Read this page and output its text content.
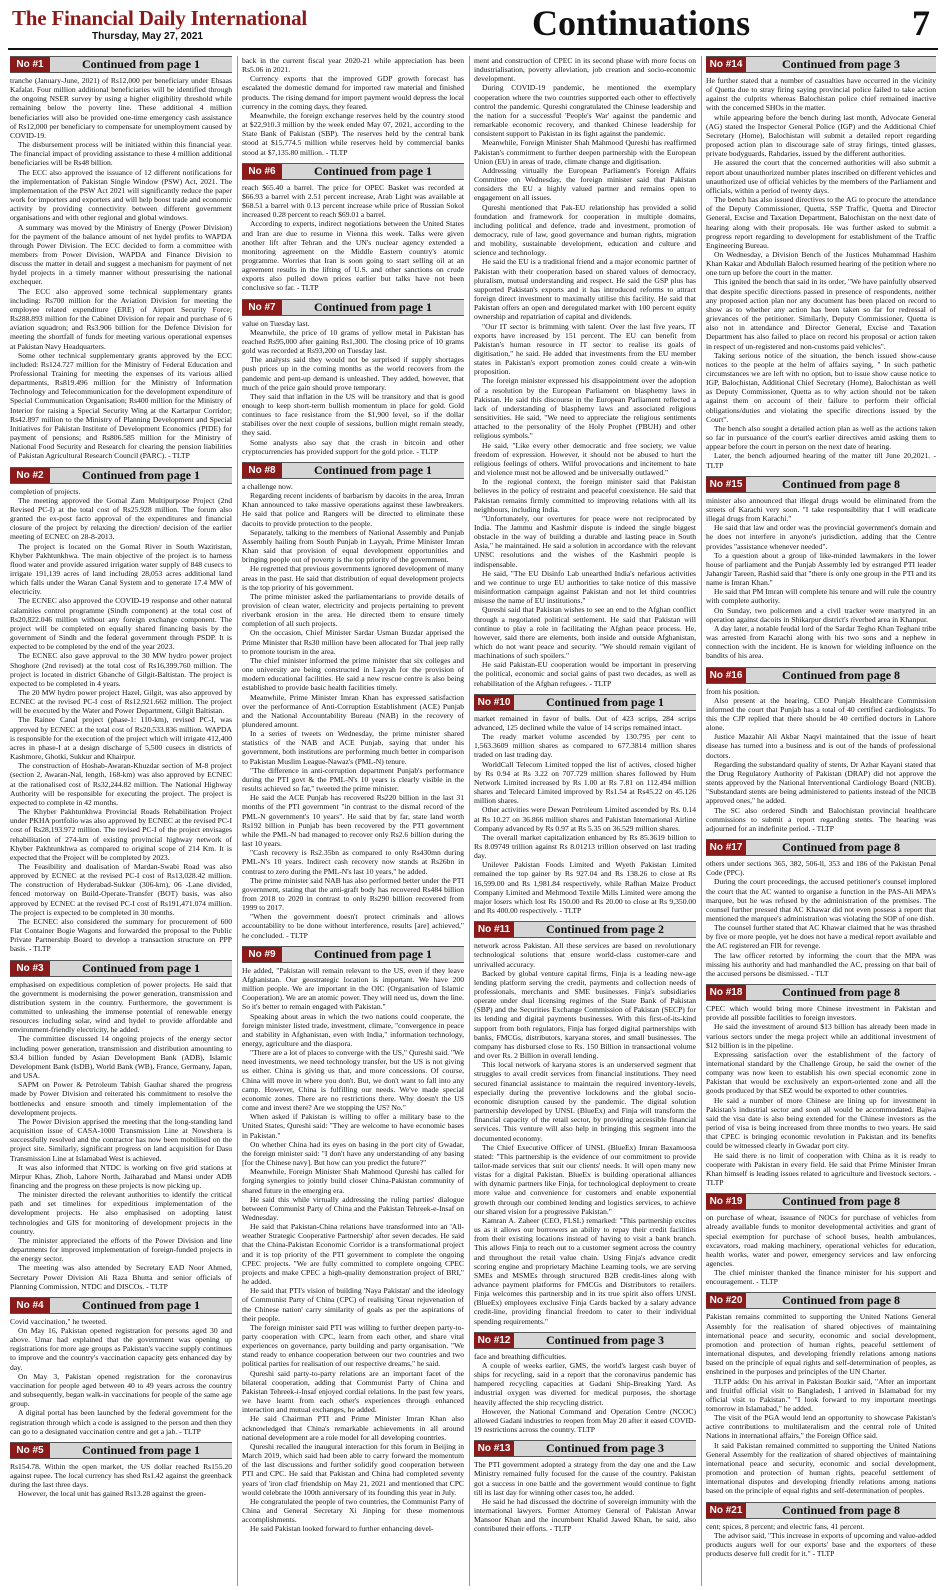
The Financial Daily International
Thursday, May 27, 2021	Continuations	7
No #1	Continued from page 1

tranche (January-June, 2021) of Rs12,000 per beneficiary under Ehsaas Kafalat. Four million additional beneficiaries will be identified through the ongoing NSER survey by using a higher eligibility threshold while remaining below the poverty line. These additional 4 million beneficiaries will also be provided one-time emergency cash assistance of Rs12,000 per beneficiary to compensate for unemployment caused by COVID-19.

The disbursement process will be initiated within this financial year. The financial impact of providing assistance to these 4 million additional beneficiaries will be Rs48 billion.

The ECC also approved the issuance of 12 different notifications for the implementation of Pakistan Single Window (PSW) Act, 2021. The implementation of the PSW Act 2021 will significantly reduce the paper work for importers and exporters and will help boost trade and economic activity by providing connectivity between different government organisations and with other regional and global windows.

A summary was moved by the Ministry of Energy (Power Division) for the payment of the balance amount of net hydel profits to WAPDA through Power Division. The ECC decided to form a committee with members from Power Division, WAPDA and Finance Division to discuss the matter in detail and suggest a mechanism for payment of net hydel projects in a timely manner without pressurising the national exchequer.

The ECC also approved some technical supplementary grants including: Rs700 million for the Aviation Division for meeting the employee related expenditure (ERE) of Airport Security Force; Rs288.893 million for the Cabinet Division for repair and purchase of 6 aviation squadron; and Rs3.906 billion for the Defence Division for meeting the shortfall of funds for meeting various operational expenses at Pakistan Navy Headquarters.

Some other technical supplementary grants approved by the ECC included: Rs124.727 million for the Ministry of Federal Education and Professional Training for meeting the expenses of its various allied departments, Rs819.496 million for the Ministry of Information Technology and Telecommunication for the development expenditure of Special Communication Organisation; Rs400 million for the Ministry of Interior for raising a Special Security Wing at the Kartarpur Corridor; Rs42.897 million to the Ministry of Planning Development and Special Initiatives for Pakistan Institute of Development Economics (PIDE) for payment of pensions; and Rs806.585 million for the Ministry of National Food Security and Research for clearing the pension liabilities of Pakistan Agricultural Research Council (PARC). - TLTP

No #2	Continued from page 1

completion of projects.

The meeting approved the Gomal Zam Multipurpose Project (2nd Revised PC-I) at the total cost of Rs25.928 million. The forum also granted the ex-post facto approval of the expenditures and financial closure of the project by relaxing the direction/ decision of the earlier meeting of ECNEC on 28-8-2013.

The project is located on the Gomal River in South Waziristan, Khyber Pakhtunkhwa. The main objective of the project is to harness flood water and provide assured irrigation water supply of 848 cusecs to irrigate 191,139 acres of land including 28,053 acres additional land which falls under the Waran Canal System and to generate 17.4 MW of electricity.

The ECNEC also approved the COVID-19 response and other natural calamities control programme (Sindh component) at the total cost of Rs20,822.046 million without any foreign exchange component. The project will be completed on equally shared financing basis by the government of Sindh and the federal government through PSDP. It is expected to be completed by the end of the year 2023.

The ECNEC also gave approval to the 30 MW hydro power project Shoghore (2nd revised) at the total cost of Rs16,399.760 million. The project is located in district Ghanche of Gilgit-Baltistan. The project is expected to be completed in 4 years.

The 20 MW hydro power project Hazel, Gilgit, was also approved by ECNEC at the revised PC-I cost of Rs12,921.662 million. The project will be executed by the Water and Power Department, Gilgit Baltistan.

The Rainee Canal project (phase-1: 110-km), revised PC-I, was approved by ECNEC at the total cost of Rs20,533.836 million. WAPDA is responsible for the execution of the project which will irrigate 412,400 acres in phase-I at a design discharge of 5,500 cusecs in districts of Kashmore, Ghotki, Sukkur and Khairpur.

The construction of Hoshab-Awaran-Khuzdar section of M-8 project (section 2, Awaran-Nal, length, 168-km) was also approved by ECNEC at the rationalised cost of Rs32,244.82 million. The National Highway Authority will be responsible for executing the project. The project is expected to complete in 42 months.

The Khyber Pakhtunkhwa Provincial Roads Rehabilitation Project under PKHA portfolio was also approved by ECNEC at the revised PC-I cost of Rs28,193.972 million. The revised PC-I of the project envisages rehabilitation of 274-km of existing provincial highway network of Khyber Pakhtunkhwa as compared to original scope of 214 Km. It is expected that the Project will be completed by 2023.

The Feasibility and dualisation of Mardan-Swabi Road was also approved by ECNEC at the revised PC-I cost of Rs13,028.42 million. The construction of Hyderabad-Sukkur (306-km), 06 -Lane divided, fenced motorway on Build-Operate-Transfer (BOT) basis, was also approved by ECNEC at the revised PC-I cost of Rs191,471.074 million. The project is expected to be completed in 30 months.

The ECNEC also considered the summary for procurement of 600 Flat Container Bogie Wagons and forwarded the proposal to the Public Private Partnership Board to develop a transaction structure on PPP basis. - TLTP

No #3	Continued from page 1

emphasised on expeditious completion of power projects. He said that the government is modernising the power generation, transmission and distribution system in the country. Furthermore, the government is committed to unleashing the immense potential of renewable energy resources including solar, wind and hydel to provide affordable and environment-friendly electricity, he added.

The committee discussed 14 ongoing projects of the energy sector including power generation, transmission and distribution amounting to $3.4 billion funded by Asian Development Bank (ADB), Islamic Development Bank (IsDB), World Bank (WB), France, Germany, Japan, and USA.

SAPM on Power & Petroleum Tabish Gauhar shared the progress made by Power Division and reiterated his commitment to resolve the bottlenecks and ensure smooth and timely implementation of the development projects.

The Power Division apprised the meeting that the long-standing land acquisition issue of CASA-1000 Transmission Line at Nowshera is successfully resolved and the contractor has now been mobilised on the project site. Similarly, significant progress on land acquisition for Dasu Transmission Line at Islamabad West is achieved.

It was also informed that NTDC is working on five grid stations at Mirpur Khas, Zhob, Lahore North, Jaiharabad and Mansi under ADB financing and the progress on these projects is now picking up.

The minister directed the relevant authorities to identify the critical path and set timelines for expeditious implementation of the development projects. He also emphasised on adopting latest technologies and GIS for monitoring of development projects in the country.

The minister appreciated the efforts of the Power Division and line departments for improved implementation of foreign-funded projects in the energy sector.

The meeting was also attended by Secretary EAD Noor Ahmed, Secretary Power Division Ali Raza Bhutta and senior officials of Planning Commission, NTDC and DISCOs. - TLTP

No #4	Continued from page 1

Covid vaccination," he tweeted.

On May 16, Pakistan opened registration for persons aged 30 and above. Umar had explained that the government was opening up registrations for more age groups as Pakistan's vaccine supply continues to improve and the country's vaccination capacity gets enhanced day by day.

On May 3, Pakistan opened registration for the coronavirus vaccination for people aged between 40 to 49 years across the country and subsequently, began walk-in vaccinations for people of the same age group.

A digital portal has been launched by the federal government for the registration through which a code is assigned to the person and then they can go to a designated vaccination centre and get a jab. - TLTP

No #5	Continued from page 1

Rs154.78. Within the open market, the US dollar reached Rs155.20 against rupee. The local currency has shed Rs1.42 against the greenback during the last three days.

However, the local unit has gained Rs13.28 against the green-

back in the current fiscal year 2020-21 while appreciation has been Rs5.06 in 2021.

Currency exports that the improved GDP growth forecast has escalated the domestic demand for imported raw material and finished products. The rising demand for import payment would depress the local currency in the coming days, they feared.

Meanwhile, the foreign exchange reserves held by the country stood at $22,910.3 million by the week ended May 07, 2021, according to the State Bank of Pakistan (SBP). The reserves held by the central bank stood at $15,774.5 million while reserves held by commercial banks stood at $7,135.80 million. - TLTP

No #6	Continued from page 1

reach $65.40 a barrel. The price for OPEC Basket was recorded at $66.93 a barrel with 2.51 percent increase, Arab Light was available at $68.51 a barrel with 0.13 percent increase while price of Russian Sokol increased 0.28 percent to reach $69.01 a barrel.

According to experts, indirect negotiations between the United States and Iran are due to resume in Vienna this week. Talks were given another lift after Tehran and the UN's nuclear agency extended a monitoring agreement on the Middle Eastern country's atomic programme. Worries that Iran is soon going to start selling oil at an agreement results in the lifting of U.S. and other sanctions on crude exports also pulled down prices earlier but talks have not been conclusive so far. - TLTP

No #7	Continued from page 1

value on Tuesday last.

Meanwhile, the price of 10 grams of yellow metal in Pakistan has reached Rs95,000 after gaining Rs1,300. The closing price of 10 grams gold was recorded at Rs93,200 on Tuesday last.

The analysts said they would not be surprised if supply shortages push prices up in the coming months as the world recovers from the pandemic and pent-up demand is unleashed. They added, however, that much of the price gain should prove temporary.

They said that inflation in the US will be transitory and that is good enough to keep short-term bullish momentum in place for gold. Gold continues to face resistance from the $1,900 level, so if the dollar stabilises over the next couple of sessions, bullion might remain steady, they said.

Some analysts also say that the crash in bitcoin and other cryptocurrencies has provided support for the gold price. - TLTP

No #8	Continued from page 1

a challenge now.

Regarding recent incidents of barbarism by dacoits in the area, Imran Khan announced to take massive operations against these lawbreakers. He said that police and Rangers will be directed to eliminate these dacoits to provide protection to the people.

Separately, talking to the members of National Assembly and Punjab Assembly hailing from South Punjab in Layyah, Prime Minister Imran Khan said that provision of equal development opportunities and bringing people out of poverty is the top priority of the government.

He regretted that previous governments ignored development of many areas in the past. He said that distribution of equal development projects is the top priority of his government.

The prime minister asked the parliamentarians to provide details of provision of clean water, electricity and projects pertaining to prevent riverbank erosion in the area. He directed them to ensure timely completion of all such projects.

On the occasion, Chief Minister Sardar Usman Buzdar apprised the Prime Minister that Rs30 million have been allocated for Thal jeep rally to promote tourism in the area.

The chief minister informed the prime minister that six colleges and one university are being constructed in Layyah for the provision of modern educational facilities. He said a new rescue centre is also being established to provide basic health facilities timely.

Meanwhile, Prime Minister Imran Khan has expressed satisfaction over the performance of Anti-Corruption Establishment (ACE) Punjab and the National Accountability Bureau (NAB) in the recovery of plundered amount.

In a series of tweets on Wednesday, the prime minister shared statistics of the NAB and ACE Punjab, saying that under his government, both institutions are performing much better in comparison to Pakistan Muslim League-Nawaz's (PML-N) tenure.

"The difference in anti-corruption department Punjab's performance during the PTI govt & the PML-N's 10 years is clearly visible in the results achieved so far," tweeted the prime minister.

He said the ACE Punjab has recovered Rs220 billion in the last 31 months of the PTI government "in contrast to the dismal record of the PML-N government's 10 years". He said that by far, state land worth Rs192 billion in Punjab has been recovered by the PTI government while the PML-N had managed to recover only Rs2.6 billion during the last 10 years.

"Cash recovery is Rs2.35bn as compared to only Rs430mn during PML-N's 10 years. Indirect cash recovery now stands at Rs26bn in contrast to zero during the PML-N's last 10 years," he added.

The prime minister said NAB has also performed better under the PTI government, stating that the anti-graft body has recovered Rs484 billion from 2018 to 2020 in contrast to only Rs290 billion recovered from 1999 to 2017.

"When the government doesn't protect criminals and allows accountability to be done without interference, results [are] achieved," he concluded. - TLTP

No #9	Continued from page 1

He added, "Pakistan will remain relevant to the US, even if they leave Afghanistan. Our geostrategic location is important. We have 200 million people. We are important in the OIC (Organisation of Islamic Cooperation). We are an atomic power. They will need us, down the line. So it's better to remain engaged with Pakistan."

Speaking about areas in which the two nations could cooperate, the foreign minister listed trade, investment, climate, "convergence in peace and stability in Afghanistan, even with India," information technology, energy, agriculture and the diaspora.

"There are a lot of places to converge with the US," Qureshi said. "We need investments, we need technology transfer, but the US is not giving us either. China is giving us that, and more concessions. Of course, China will move in where you don't. But, we don't want to fall into any camp. However, China is fulfilling our needs. We've made special economic zones. There are no restrictions there. Why doesn't the US come and invest there? Are we stopping the US? No."

When asked if Pakistan is willing to offer a military base to the United States, Qureshi said: "They are welcome to have economic bases in Pakistan."

On whether China had its eyes on basing in the port city of Gwadar, the foreign minister said: "I don't have any understanding of any basing [for the Chinese navy]. But how can you predict the future?"

Meanwhile, Foreign Minister Shah Mahmood Qureshi has called for forging synergies to jointly build closer China-Pakistan community of shared future in the emerging era.

He said this while virtually addressing the ruling parties' dialogue between Communist Party of China and the Pakistan Tehreek-e-Insaf on Wednesday.

He said that Pakistan-China relations have transformed into an 'All-weather Strategic Cooperative Partnership' after seven decades. He said that the China-Pakistan Economic Corridor is a transformational project and it is top priority of the PTI government to complete the ongoing CPEC projects. "We are fully committed to complete ongoing CPEC projects and make CPEC a high-quality demonstration project of BRI," he added.

He said that PTI's vision of building 'Naya Pakistan' and the ideology of Communist Party of China (CPC) of realising 'Great rejuvenation of the Chinese nation' carry similarity of goals as per the aspirations of their people.

The foreign minister said PTI was willing to further deepen party-to-party cooperation with CPC, learn from each other, and share vital experiences on governance, party building and party organisation. "We stand ready to enhance cooperation between our two countries and two political parties for realisation of our respective dreams," he said.

Qureshi said party-to-party relations are an important facet of the bilateral cooperation, adding that Communist Party of China and Pakistan Tehreek-i-Insaf enjoyed cordial relations. In the past few years, we have learnt from each other's experiences through enhanced interaction and mutual exchanges, he added.

He said Chairman PTI and Prime Minister Imran Khan also acknowledged that China's remarkable achievements in all around national development are a role model for all developing countries.

Qureshi recalled the inaugural interaction for this forum in Beijing in March 2019, which said had been able to carry forward the momentum of the last discussions and further solidify good cooperation between PTI and CPC. He said that Pakistan and China had completed seventy years of 'iron clad' friendship on May 21, 2021 and mentioned that CPC would celebrate the 100th anniversary of its founding this year in July.

He congratulated the people of two countries, the Communist Party of China and General Secretary Xi Jinping for these momentous accomplishments.

He said Pakistan looked forward to further enhancing devel-

ment and construction of CPEC in its second phase with more focus on industrialisation, poverty alleviation, job creation and socio-economic development.

During COVID-19 pandemic, he mentioned the exemplary cooperation where the two countries supported each other to effectively control the pandemic. Qureshi congratulated the Chinese leadership and the nation for a successful 'People's War' against the pandemic and remarkable economic recovery, and thanked Chinese leadership for consistent support to Pakistan in its fight against the pandemic.

Meanwhile, Foreign Minister Shah Mahmood Qureshi has reaffirmed Pakistan's commitment to further deepen partnership with the European Union (EU) in areas of trade, climate change and digitisation.

Addressing virtually the European Parliament's Foreign Affairs Committee on Wednesday, the foreign minister said that Pakistan considers the EU a highly valued partner and remains open to engagement on all issues.

Qureshi mentioned that Pak-EU relationship has provided a solid foundation and framework for cooperation in multiple domains, including political and defence, trade and investment, promotion of democracy, rule of law, good governance and human rights, migration and mobility, sustainable development, education and culture and science and technology.

He said the EU is a traditional friend and a major economic partner of Pakistan with their cooperation based on shared values of democracy, pluralism, mutual understanding and respect. He said the GSP plus has supported Pakistan's exports and it has introduced reforms to attract foreign direct investment to maximally utilise this facility. He said that Pakistan offers an open and deregulated market with 100 percent equity ownership and repatriation of capital and dividends.

"Our IT sector is brimming with talent. Over the last five years, IT exports have increased by 151 percent. The EU can benefit from Pakistan's human resource in IT sector to realise its goals of digitisation," he said. He added that investments from the EU member states in Pakistan's export promotion zones could create a win-win proposition.

The foreign minister expressed his disappointment over the adoption of a resolution by the European Parliament on blasphemy laws in Pakistan. He said this discourse in the European Parliament reflected a lack of understanding of blasphemy laws and associated religious sensitivities. He said, "We need to appreciate the religious sentiments attached to the personality of the Holy Prophet (PBUH) and other religious symbols."

He said, "Like every other democratic and free society, we value freedom of expression. However, it should not be abused to hurt the religious feelings of others. Wilful provocations and incitement to hate and violence must not be allowed and be universally outlawed."

In the regional context, the foreign minister said that Pakistan believes in the policy of restraint and peaceful coexistence. He said that Pakistan remains firmly committed to improving relations with all its neighbours, including India.

"Unfortunately, our overtures for peace were not reciprocated by India. The Jammu and Kashmir dispute is indeed the single biggest obstacle in the way of building a durable and lasting peace in South Asia," he maintained. He said a solution in accordance with the relevant UNSC resolutions and the wishes of the Kashmiri people is indispensable.

He said, "The EU Disinfo Lab unearthed India's nefarious activities and we continue to urge EU authorities to take notice of this massive misinformation campaign against Pakistan and not let third countries misuse the name of EU institutions."

Qureshi said that Pakistan wishes to see an end to the Afghan conflict through a negotiated political settlement. He said that Pakistan will continue to play a role in facilitating the Afghan peace process. He, however, said there are elements, both inside and outside Afghanistan, which do not want peace and security. "We should remain vigilant of machinations of such spoilers."

He said Pakistan-EU cooperation would be important in preserving the political, economic and social gains of past two decades, as well as rehabilitation of the Afghan refugees. - TLTP

No #10	Continued from page 1

market remained in favor of bulls. Out of 423 scrips, 284 scrips advanced, 125 declined while the value of 14 scrips remained intact.

The ready market volume ascended by 130.795 per cent to 1,563.3609 million shares as compared to 677.3814 million shares traded on last trading day.

WorldCall Telecom Limited topped the list of actives, closed higher by Rs 0.94 at Rs 3.22 on 707.729 million shares followed by Hum Network Limited increased by Rs 1.00 at Rs 7.81 on 112.494 million shares and Telecard Limited improved by Rs1.54 at Rs45.22 on 45.126 million shares.

Other activities were Dewan Petroleum Limited ascended by Rs. 0.14 at Rs 10.27 on 36.866 million shares and Pakistan International Airline Company advanced by Rs 0.97 at Rs 5.35 on 36.529 million shares.

The overall market capitalization enhanced by Rs 85.3619 billion to Rs 8.09749 trillion against Rs 8.01213 trillion observed on last trading day.

Unilever Pakistan Foods Limited and Wyeth Pakistan Limited remained the top gainer by Rs 927.04 and Rs 138.26 to close at Rs 16,599.00 and Rs 1,981.84 respectively, while Rafhan Maize Product Company Limited and Mehmood Textile Mills Limited were among the major losers which lost Rs 150.00 and Rs 20.00 to close at Rs 9,350.00 and Rs 400.00 respectively. - TLTP

No #11	Continued from page 2

network across Pakistan. All these services are based on revolutionary technological solutions that ensure world-class customer-care and unrivalled accuracy.

Backed by global venture capital firms, Finja is a leading new-age lending platform serving the credit, payments and collection needs of professionals, merchants and SME businesses. Finja's subsidiaries operate under dual licensing regimes of the State Bank of Pakistan (SBP) and the Securities Exchange Commission of Pakistan (SECP) for its lending and digital payments businesses. With this first-of-its-kind support from both regulators, Finja has forged digital partnerships with banks, FMCGs, distributors, karyana stores, and small businesses. The company has disbursed close to Rs. 150 Billion in transactional volume and over Rs. 2 Billion in overall lending.

This local network of karyana stores is an underserved segment that struggles to avail credit services from financial institutions. They need secured financial assistance to maintain the required inventory-levels, especially during the preventive lockdowns and the global socio-economic disruption caused by the pandemic. The digital solution partnership developed by UNSL (BlueEx) and Finja will transform the financial capacity of the retail sector, by providing accessible financial services. This venture will also help in bringing this segment into the documented economy.

The Chief Executive Officer of UNSL (BlueEx) Imran Baxamoosa stated: "This partnership is the evidence of our commitment to provide tailor-made services that suit our clients' needs. It will open many new vistas for a digital Pakistan. BlueEx is building operational alliances with dynamic partners like Finja, for technological deployment to create more value and convenience for customers and enable exponential growth through our combined lending and logistics services, to achieve our shared vision for a progressive Pakistan."

Kamran A. Zaheer (CEO, FLSL) remarked: "This partnership excites us as it allows our borrowers an ability to repay their credit facilities from their existing locations instead of having to visit a bank branch. This allows Finja to reach out to a customer segment across the country and throughout the retail value chain. Using Finja's advance credit scoring engine and proprietary Machine Learning tools, we are serving SMEs and MSMEs through structured B2B credit-lines along with advance payment platforms for FMCGs and Distributors to retailers. Finja welcomes this partnership and in its true spirit also offers UNSL (BlueEx) employees exclusive Finja Cards backed by a salary advance credit-line, providing financial freedom to cater to their individual spending requirements."

No #12	Continued from page 3

face and breathing difficulties.

A couple of weeks earlier, GMS, the world's largest cash buyer of ships for recycling, said in a report that the coronavirus pandemic has hampered recycling capacities at Gadani Ship-Breaking Yard. As industrial oxygen was diverted for medical purposes, the shortage heavily affected the ship recycling district.

However, the National Command and Operation Centre (NCOC) allowed Gadani industries to reopen from May 20 after it eased COVID-19 restrictions across the country. TLTP

No #13	Continued from page 3

The PTI government adopted a strategy from the day one and the Law Ministry remained fully focused for the cause of the country. Pakistan got a success in one battle and the government would continue to fight till its last day for winning other cases too, he added.

He said he had discussed the doctrine of sovereign immunity with the international lawyers. Former Attorney General of Pakistan Anwar Mansoor Khan and the incumbent Khalid Jawed Khan, he said, also contributed their efforts. - TLTP

No #14	Continued from page 3

He further stated that a number of casualties have occurred in the vicinity of Quetta due to stray firing saying provincial police failed to take action against the culprits whereas Balochistan police chief remained inactive with the concerned SHOs in the matter.

while appearing before the bench during last month, Advocate General (AG) stated the Inspector General Police (IGP) and the Additional Chief Secretary (Home), Balochistan will submit a detailed report regarding proposed action plan to discourage sale of stray firings, tinted glasses, private bodyguards, Rahdaries, issued by the different authorities.

He assured the court that the concerned authorities will also submit a report about unauthorized number plates inscribed on different vehicles and unauthorized use of official vehicles by the members of the Parliament and officials, within a period of twenty days.

The bench has also issued directives to the AG to procure the attendance of the Deputy Commissioner, Quetta, SSP Traffic, Quetta and Director General, Excise and Taxation Department, Balochistan on the next date of hearing along with their proposals. He was further asked to submit a progress report regarding to development for establishment of the Traffic Engineering Bureau.

On Wednesday, a Division Bench of the Justices Muhammad Hashim Khan Kakar and Abdullah Baloch resumed hearing of the petition where no one turn up before the court in the matter.

This ignited the bench that said in its order, "We have painfully observed that despite specific directions passed in presence of respondents, neither any proposed action plan nor any document has been placed on record to show as to whether any action has been taken so far for redressal of grievances of the petitioner. Similarly, Deputy Commissioner, Quetta is also not in attendance and Director General, Excise and Taxation Department has also failed to place on record his proposal or action taken in respect of un-registered and non-customs paid vehicles".

Taking serious notice of the situation, the bench issued show-cause notices to the people at the helm of affairs saying, " In such pathetic circumstances we are left with no option, but to issue show cause notice to IGP, Balochistan, Additional Chief Secretary (Home), Balochistan as well as Deputy Commissioner, Quetta as to why action should not be taken against them on account of their failure to perform their official obligations/duties and violating the specific directions issued by the Court".

The bench also sought a detailed action plan as well as the actions taken so far in pursuance of the court's earlier directives amid asking them to appear before the court in person on the next date of hearing.

Later, the bench adjourned hearing of the matter till June 20,2021. - TLTP

No #15	Continued from page 8

minister also announced that illegal drugs would be eliminated from the streets of Karachi very soon. "I take responsibility that I will eradicate illegal drugs from Karachi."

He said that law and order was the provincial government's domain and he does not interfere in anyone's jurisdiction, adding that the Centre provides "assistance whenever needed".

To a question about a group of like-minded lawmakers in the lower house of parliament and the Punjab Assembly led by estranged PTI leader Jahangir Tareen, Rashid said that "there is only one group in the PTI and its name is Imran Khan."

He said that PM Imran will complete his tenure and will rule the country with complete authority.

On Sunday, two policemen and a civil tracker were martyred in an operation against dacoits in Shikarpur district's riverbed area in Khanpur.

A day later, a notable feudal lord of the Sardar Tegho Khan Teghani tribe was arrested from Karachi along with his two sons and a nephew in connection with the incident. He is known for wielding influence on the bandits of his area.

No #16	Continued from page 8

from his position.

Also present at the hearing, CEO Punjab Healthcare Commission informed the court that Punjab has a total of 40 certified cardiologists. To this the CJP replied that there should be 40 certified doctors in Lahore alone.

Justice Mazahir Ali Akbar Naqvi maintained that the issue of heart disease has turned into a business and is out of the hands of professional doctors.

Regarding the substandard quality of stents, Dr Azhar Kayani stated that the Drug Regulatory Authority of Pakistan (DRAP) did not approve the stents approved by the National Interventional Cardiology Board (NICB). "Substandard stents are being administered to patients instead of the NICB approved ones," he added.

The SC also ordered Sindh and Balochistan provincial healthcare commissions to submit a report regarding stents. The hearing was adjourned for an indefinite period. - TLTP

No #17	Continued from page 8

others under sections 365, 382, 506-ll, 353 and 186 of the Pakistan Penal Code (PPC).

During the court proceedings, the accused petitioner's counsel implored the court that the AC wanted to organise a function in the PAS-Ali MPA's marquee, but he was refused by the administration of the premises. The counsel further pressed that AC Khawar did not even possess a report that mentioned the marquee's administration was violating the SOP of one dish.

The counsel further stated that AC Khawar claimed that he was thrashed by five or more people, yet he does not have a medical report available and the AC registered an FIR for revenge.

The law officer retorted by informing the court that the MPA was missing his authority and had manhandled the AC, pressing on that bail of the accused persons be dismissed. - TLT

No #18	Continued from page 8

CPEC which would bring more Chinese investment in Pakistan and provide all possible facilities to foreign investors.

He said the investment of around $13 billion has already been made in various sectors under the mega project while an additional investment of $12 billion is in the pipeline.

Expressing satisfaction over the establishment of the factory of international standard by the Challenge Group, he said the owner of the company was now keen to establish his own special economic zone in Pakistan that would be exclusively an export-oriented zone and all the goods produced by that SEZ would be exported to other countries.

He said a number of more Chinese are lining up for investment in Pakistan's industrial sector and soon all would be accommodated. Bajwa said the visa date is also being extended for the Chinese investors as the period of visa is being increased from three months to two years. He said that CPEC is bringing economic revolution in Pakistan and its benefits could be witnessed clearly in Gwadar port city.

He said there is no limit of cooperation with China as it is ready to cooperate with Pakistan in every field. He said that Prime Minister Imran Khan himself is leading issues related to agriculture and livestock sectors. - TLTP

No #19	Continued from page 8

on purchase of wheat, issuance of NOCs for purchase of vehicles from already available funds to monitor developmental activities and grant of special exemption for purchase of school buses, health ambulances, excavators, road making machinery, operational vehicles for education, health works, water and power, emergency services and law enforcing agencies.

The chief minister thanked the finance minister for his support and encouragement. - TLTP

No #20	Continued from page 8

Pakistan remains committed to supporting the United Nations General Assembly for the realisation of shared objectives of maintaining international peace and security, economic and social development, promotion and protection of human rights, peaceful settlement of international disputes, and developing friendly relations among nations based on the principle of equal rights and self-determination of peoples, as enshrined in the purposes and principles of the UN Charter.

TLTP adds: On his arrival in Pakistan Bozkir said, "After an important and fruitful official visit to Bangladesh, I arrived in Islamabad for my official visit to Pakistan." "I look forward to my important meetings tomorrow in Islamabad," he added.

The visit of the PGA would lend an opportunity to showcase Pakistan's active contributions to multilateralism and the central role of United Nations in international affairs," the Foreign Office said.

It said Pakistan remained committed to supporting the United Nations General Assembly for the realization of shared objectives of maintaining international peace and security, economic and social development, promotion and protection of human rights, peaceful settlement of international disputes and developing friendly relations among nations based on the principle of equal rights and self-determination of peoples.

No #21	Continued from page 8

cent; spices, 8 percent; and electric fans, 41 percent.

The advisor said, "This increase in exports of upcoming and value-added products augurs well for our exports' base and the exporters of these products deserve full credit for it." - TLTP
